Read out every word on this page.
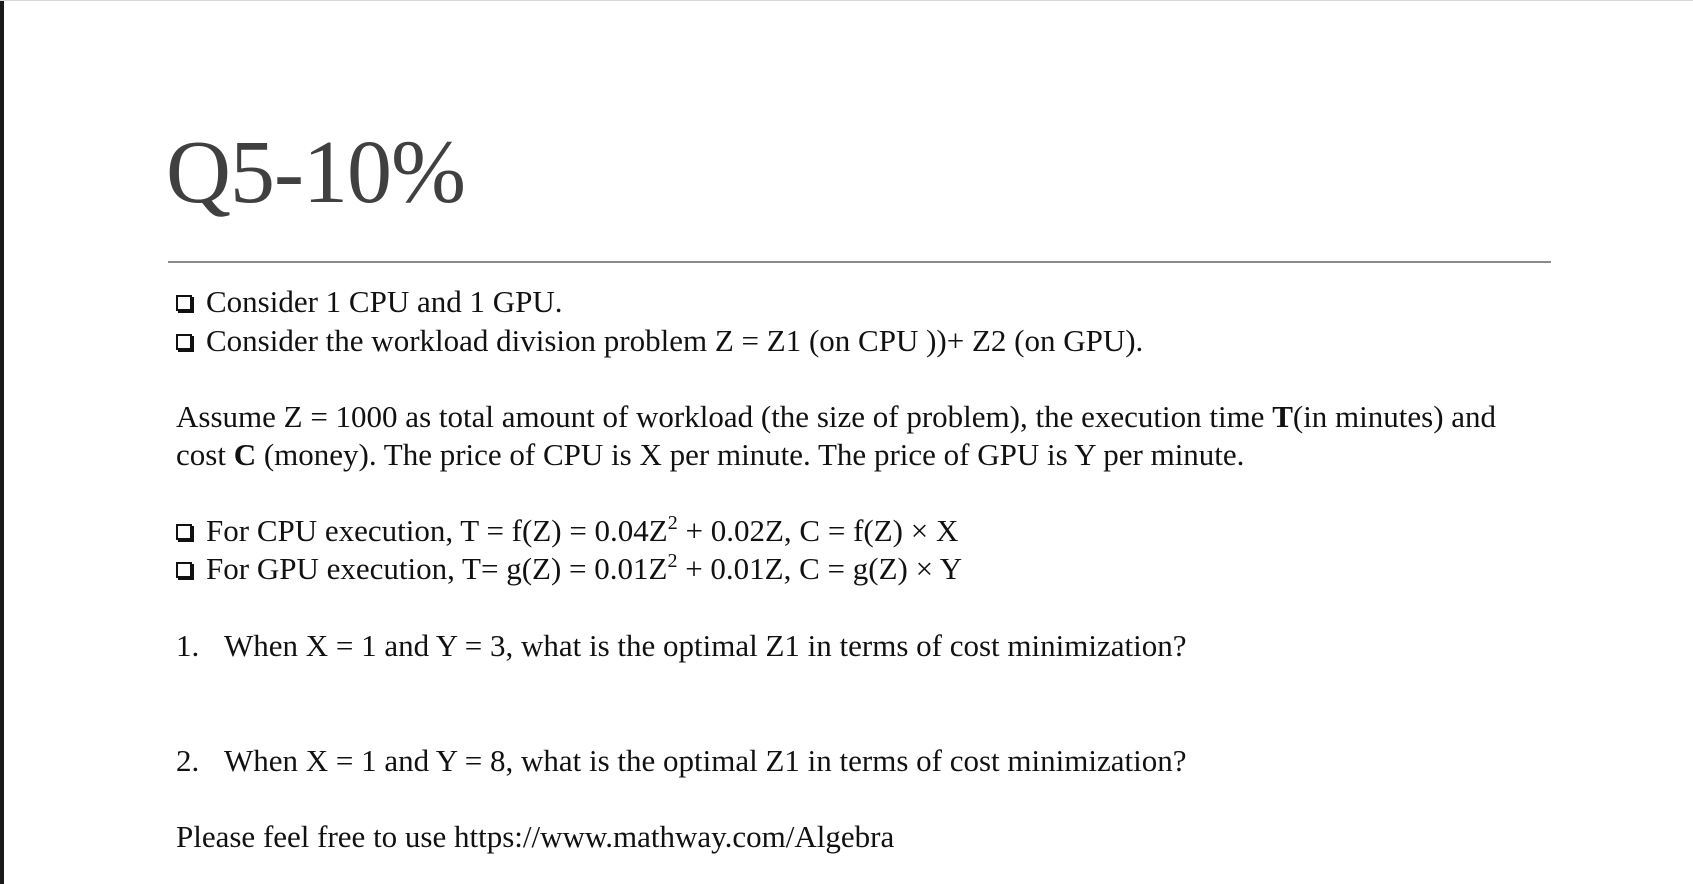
Q5-10%
Consider 1 CPU and 1 GPU.
Consider the workload division problem Z = Z1 (on CPU ))+ Z2 (on GPU).
Assume Z = 1000 as total amount of workload (the size of problem), the execution time T(in minutes) and
cost C (money). The price of CPU is X per minute. The price of GPU is Y per minute.
For CPU execution, $T = f(Z) = 0.04Z^2 + 0.02Z$, C = f(Z) × X
For GPU execution, $T= g(Z) = 0.01Z^2 + 0.01Z$, C = g(Z) × Y
1. When X = 1 and Y = 3, what is the optimal Z1 in terms of cost minimization?
2. When X = 1 and Y = 8, what is the optimal Z1 in terms of cost minimization?
Please feel free to use https://www.mathway.com/Algebra
